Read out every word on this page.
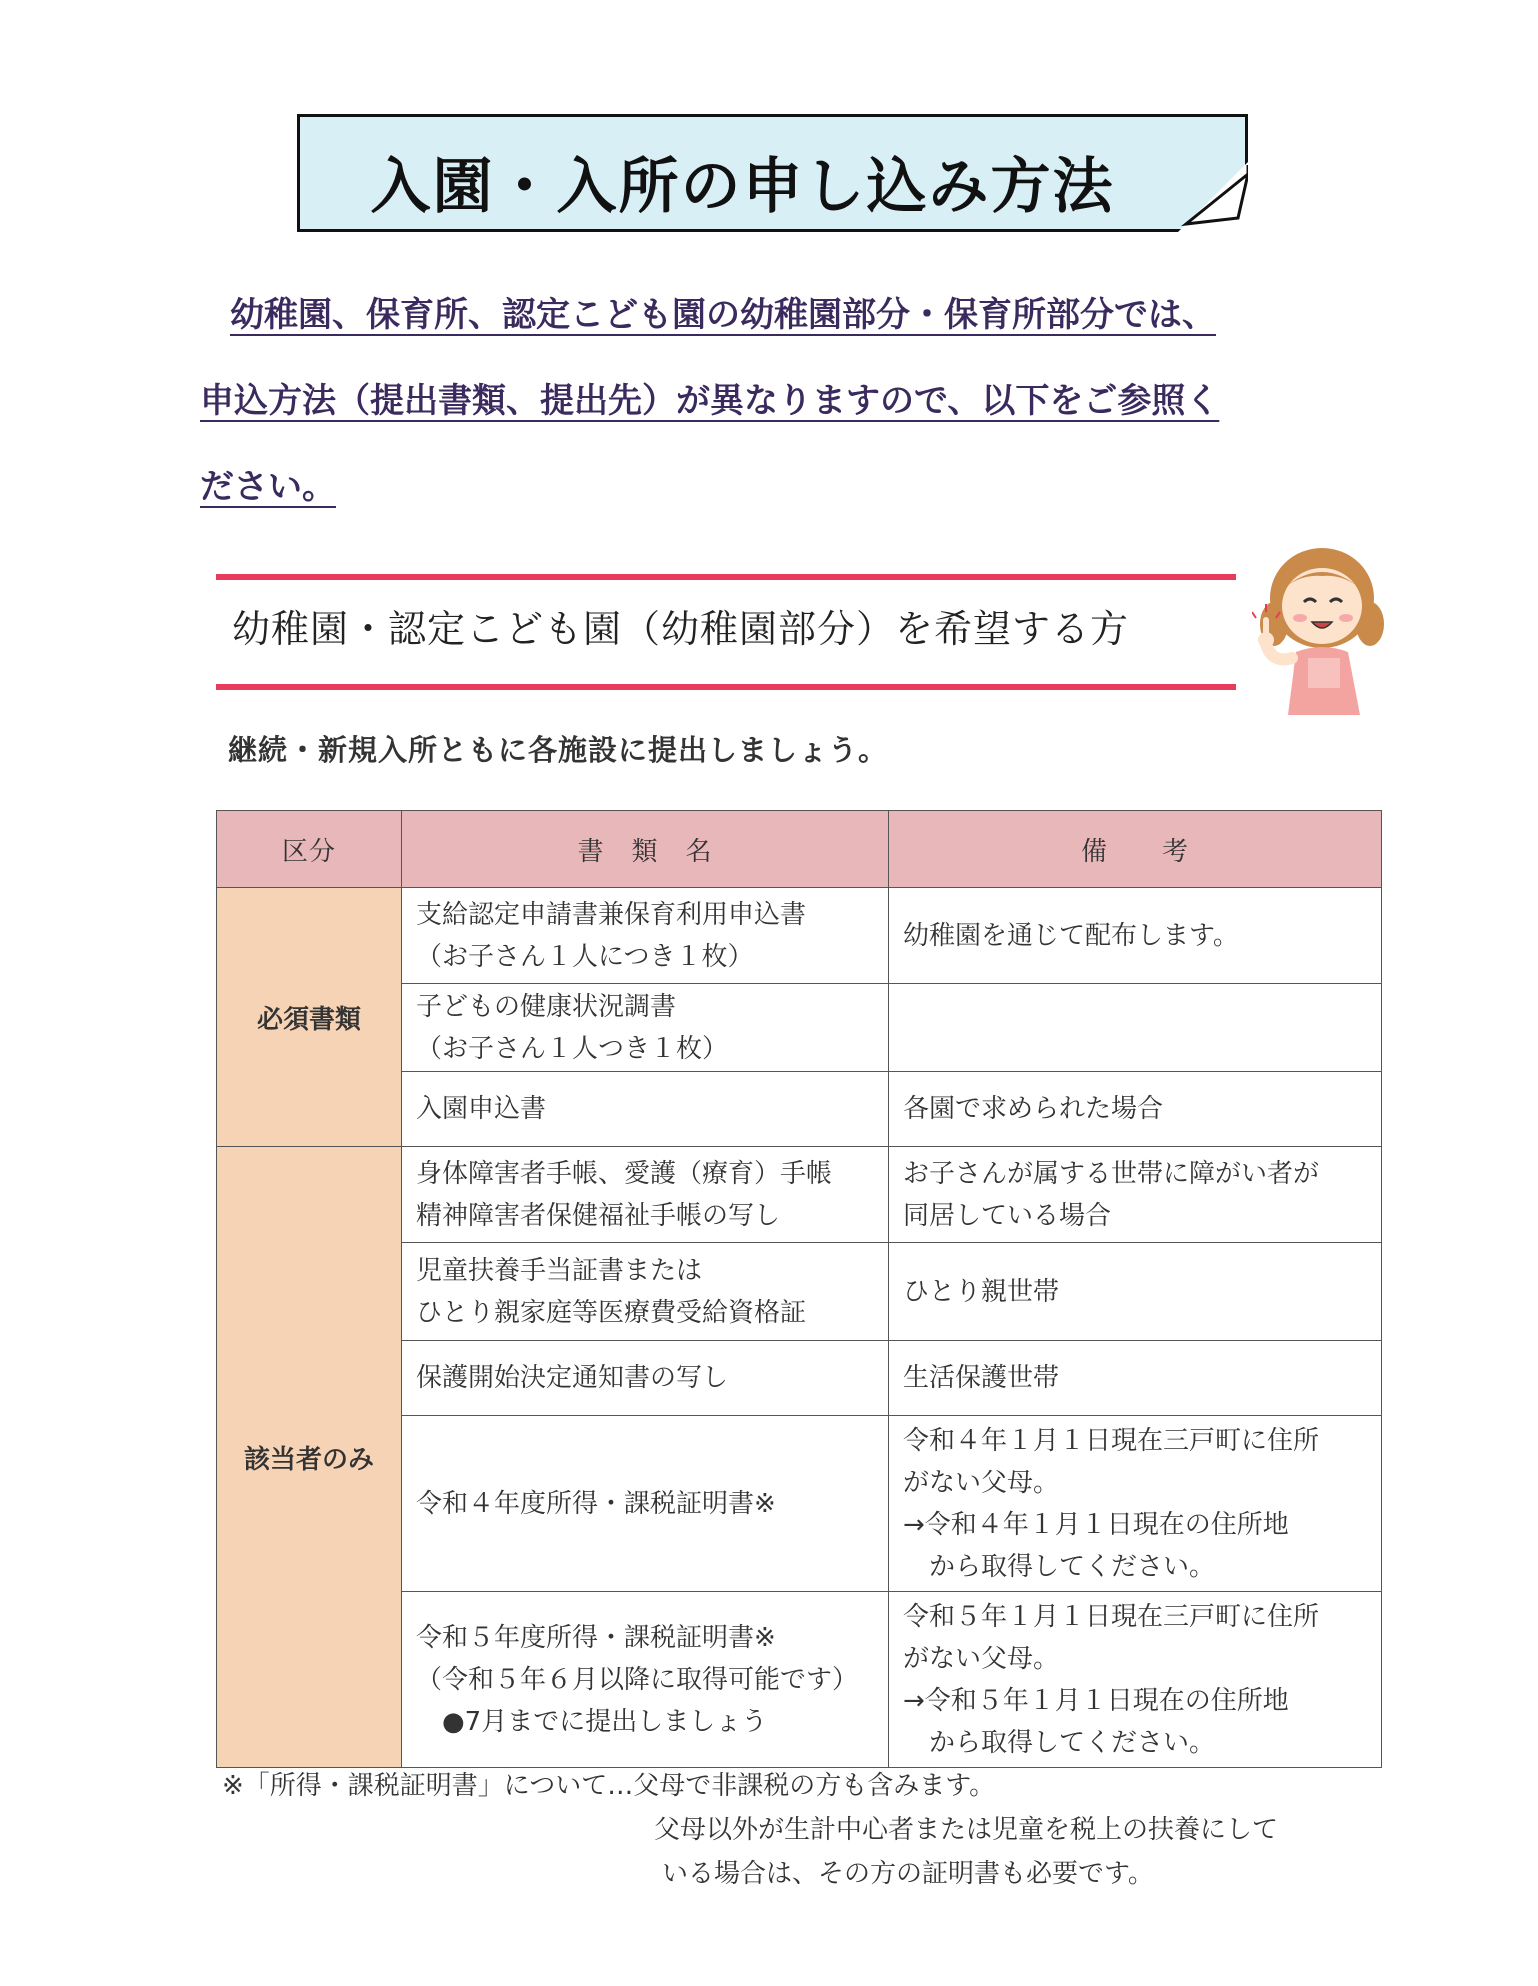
入園・入所の申し込み方法

幼稚園、保育所、認定こども園の幼稚園部分・保育所部分では、

申込方法（提出書類、提出先）が異なりますので、以下をご参照く

ださい。

幼稚園・認定こども園（幼稚園部分）を希望する方
継続・新規入所ともに各施設に提出しましょう。
区分	書　類　名	備　　考
必須書類	支給認定申請書兼保育利用申込書
（お子さん１人につき１枚）	幼稚園を通じて配布します。

	子どもの健康状況調書
（お子さん１人つき１枚）	

	入園申込書	各園で求められた場合

該当者のみ	身体障害者手帳、愛護（療育）手帳
精神障害者保健福祉手帳の写し	お子さんが属する世帯に障がい者が
同居している場合

	児童扶養手当証書または
ひとり親家庭等医療費受給資格証	ひとり親世帯

	保護開始決定通知書の写し	生活保護世帯

	令和４年度所得・課税証明書※	令和４年１月１日現在三戸町に住所
がない父母。
→令和４年１月１日現在の住所地
　から取得してください。

	令和５年度所得・課税証明書※
（令和５年６月以降に取得可能です）
　●7月までに提出しましょう	令和５年１月１日現在三戸町に住所
がない父母。
→令和５年１月１日現在の住所地
　から取得してください。
※「所得・課税証明書」について…父母で非課税の方も含みます。
父母以外が生計中心者または児童を税上の扶養にして
いる場合は、その方の証明書も必要です。
